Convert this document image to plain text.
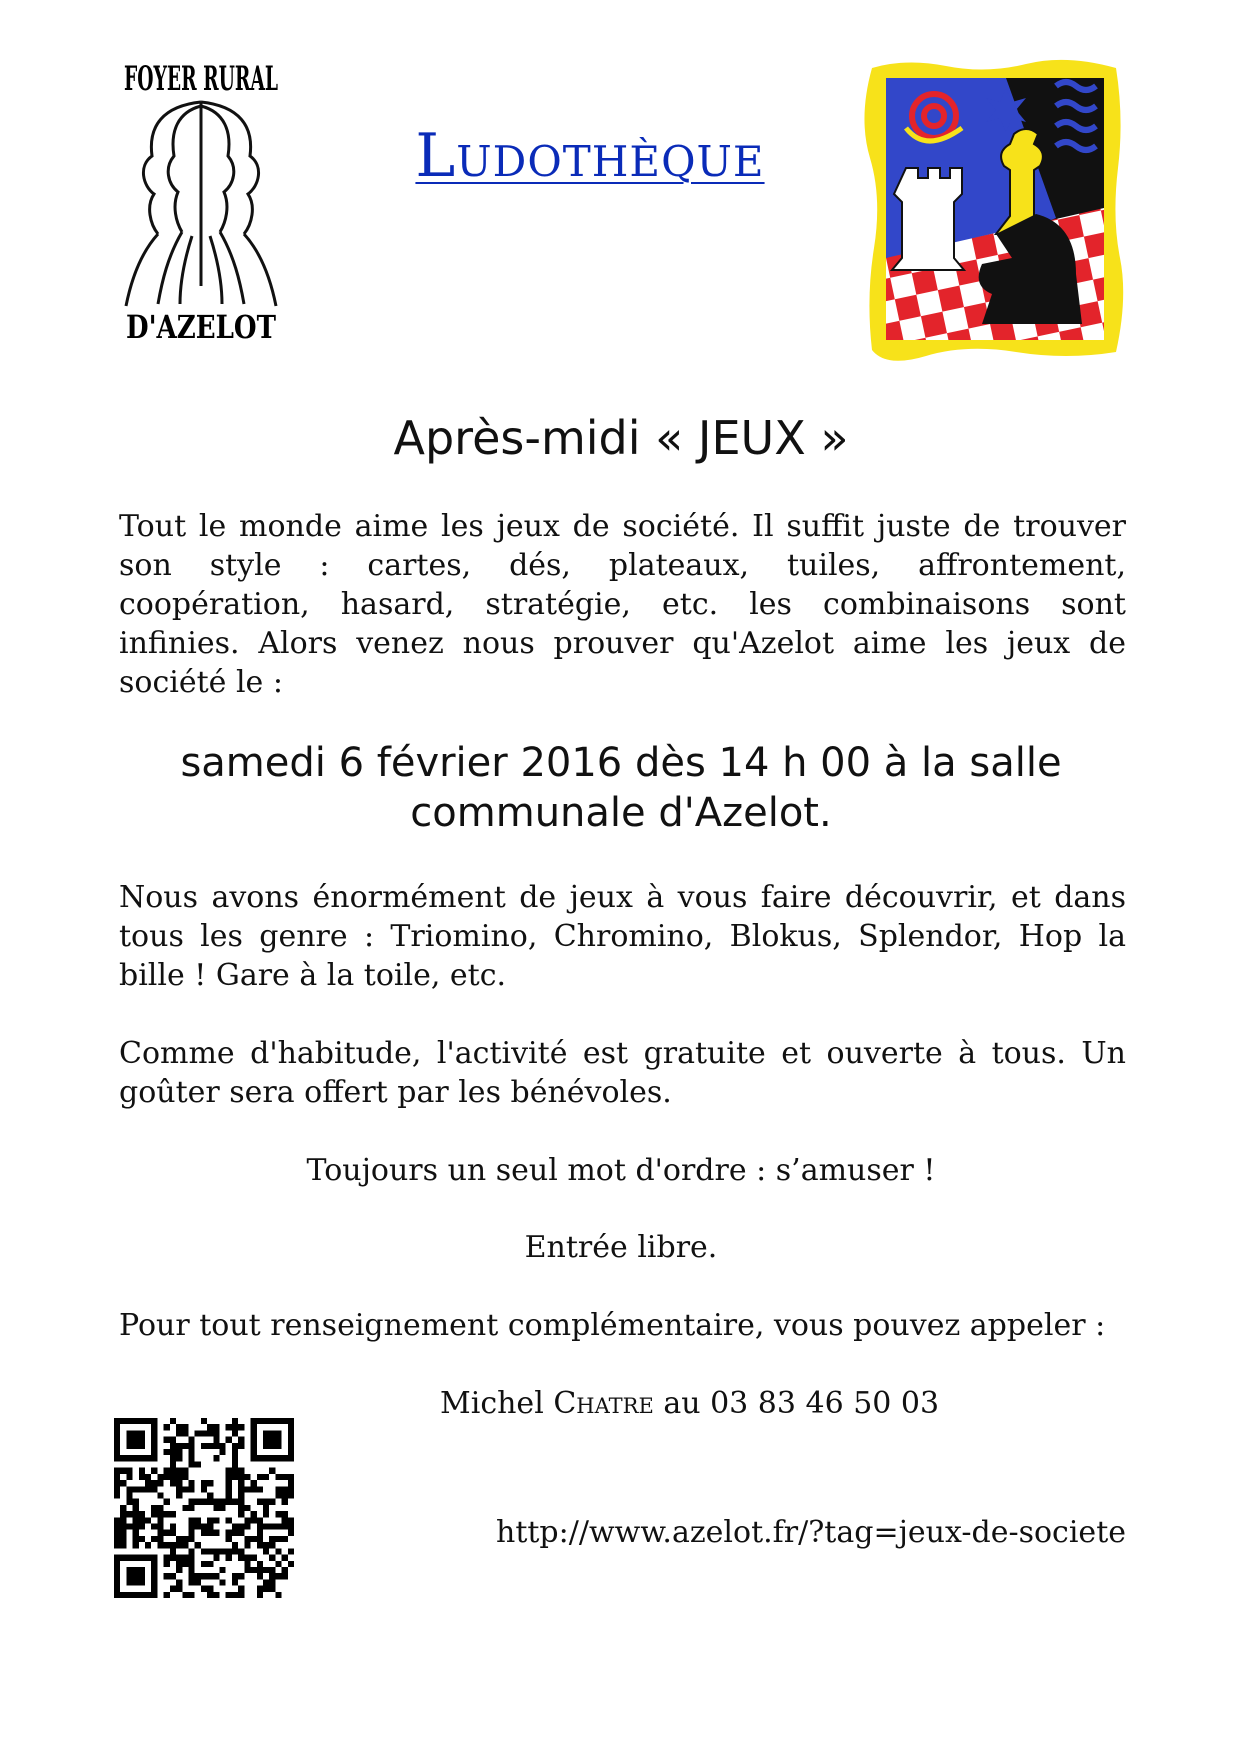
FOYER RURAL
D'AZELOT
Ludothèque
Après-midi « JEUX »
Tout le monde aime les jeux de société. Il suffit juste de trouver son style : cartes, dés, plateaux, tuiles, affrontement, coopération, hasard, stratégie, etc. les combinaisons sont infinies. Alors venez nous prouver qu'Azelot aime les jeux de société le :
samedi 6 février 2016 dès 14 h 00 à la salle communale d'Azelot.
Nous avons énormément de jeux à vous faire découvrir, et dans tous les genre : Triomino, Chromino, Blokus, Splendor, Hop la bille ! Gare à la toile, etc.
Comme d'habitude, l'activité est gratuite et ouverte à tous. Un goûter sera offert par les bénévoles.
Toujours un seul mot d'ordre : s’amuser !
Entrée libre.
Pour tout renseignement complémentaire, vous pouvez appeler :
Michel Chatre au 03 83 46 50 03
http://www.azelot.fr/?tag=jeux-de-societe
